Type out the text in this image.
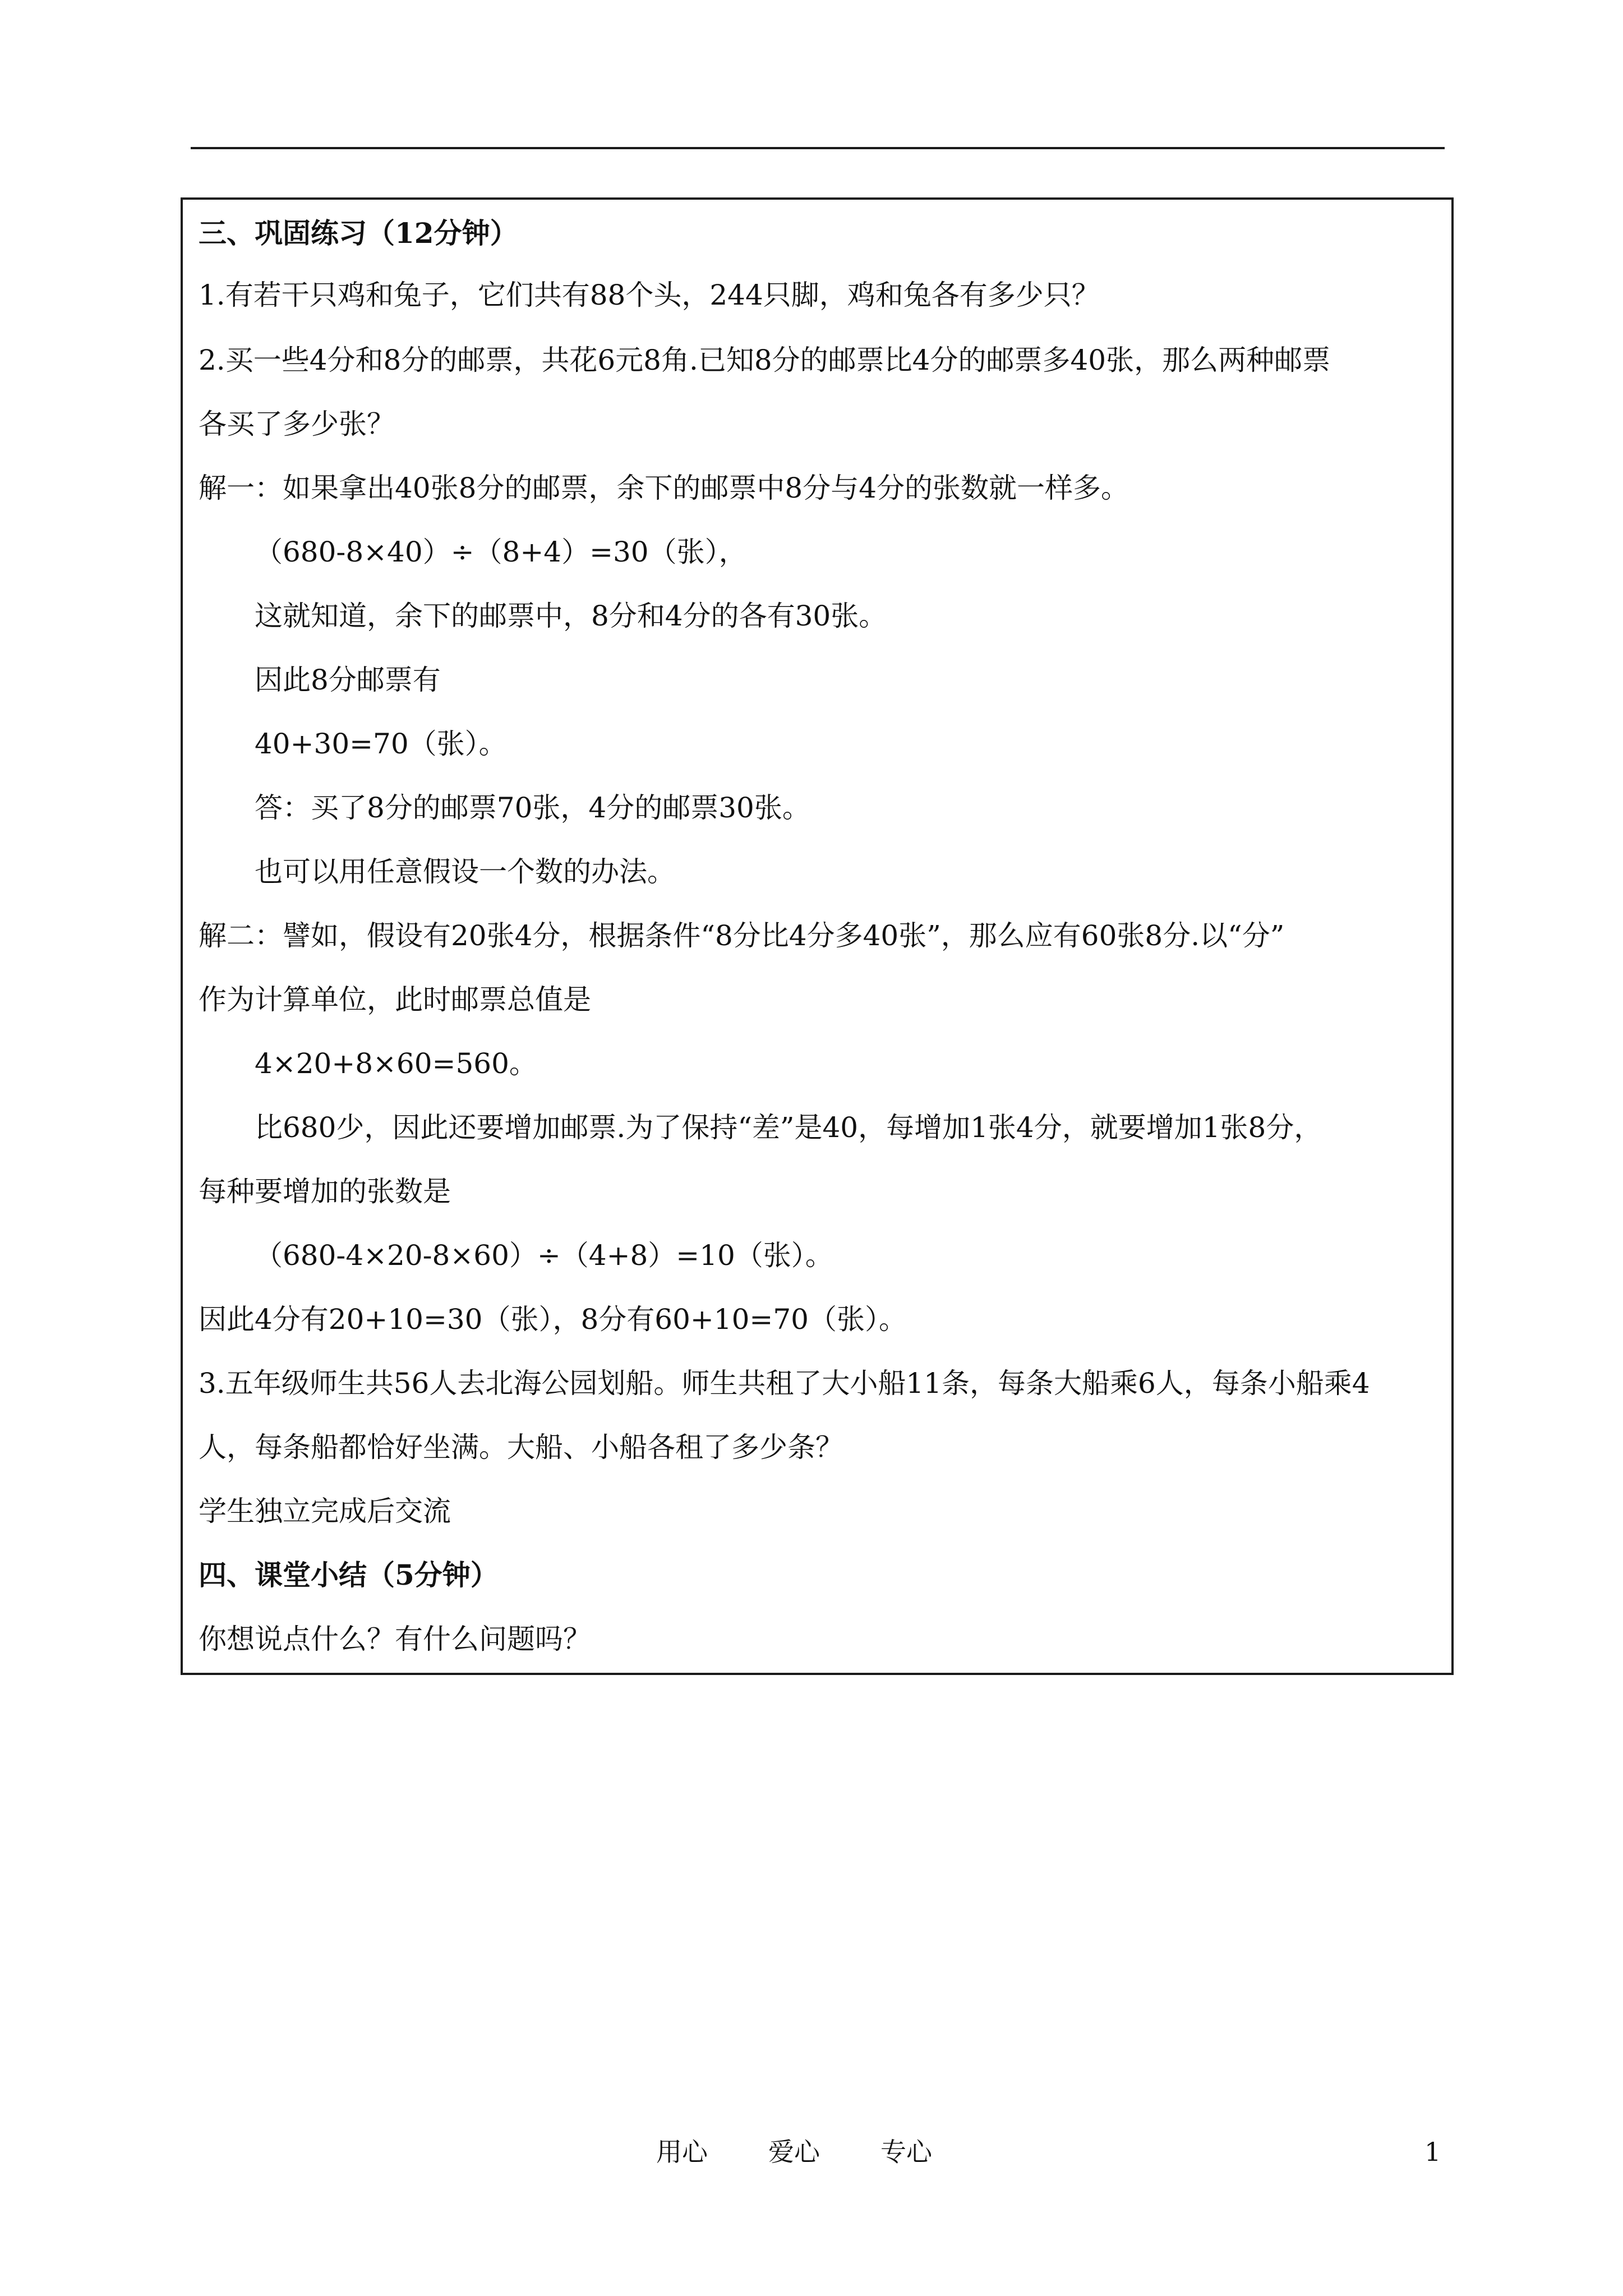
三、巩固练习（12分钟）
1.有若干只鸡和兔子，它们共有88个头，244只脚，鸡和兔各有多少只？
2.买一些4分和8分的邮票，共花6元8角.已知8分的邮票比4分的邮票多40张，那么两种邮票
各买了多少张？
解一：如果拿出40张8分的邮票，余下的邮票中8分与4分的张数就一样多。
（680-8×40）÷（8+4）=30（张），
这就知道，余下的邮票中，8分和4分的各有30张。
因此8分邮票有
40+30=70（张）。
答：买了8分的邮票70张，4分的邮票30张。
也可以用任意假设一个数的办法。
解二：譬如，假设有20张4分，根据条件“8分比4分多40张”，那么应有60张8分.以“分”
作为计算单位，此时邮票总值是
4×20+8×60=560。
比680少，因此还要增加邮票.为了保持“差”是40，每增加1张4分，就要增加1张8分，
每种要增加的张数是
（680-4×20-8×60）÷（4+8）=10（张）。
因此4分有20+10=30（张），8分有60+10=70（张）。
3.五年级师生共56人去北海公园划船。师生共租了大小船11条，每条大船乘6人，每条小船乘4
人，每条船都恰好坐满。大船、小船各租了多少条？
学生独立完成后交流
四、课堂小结（5分钟）
你想说点什么？有什么问题吗？
用心 爱心 专心	1
